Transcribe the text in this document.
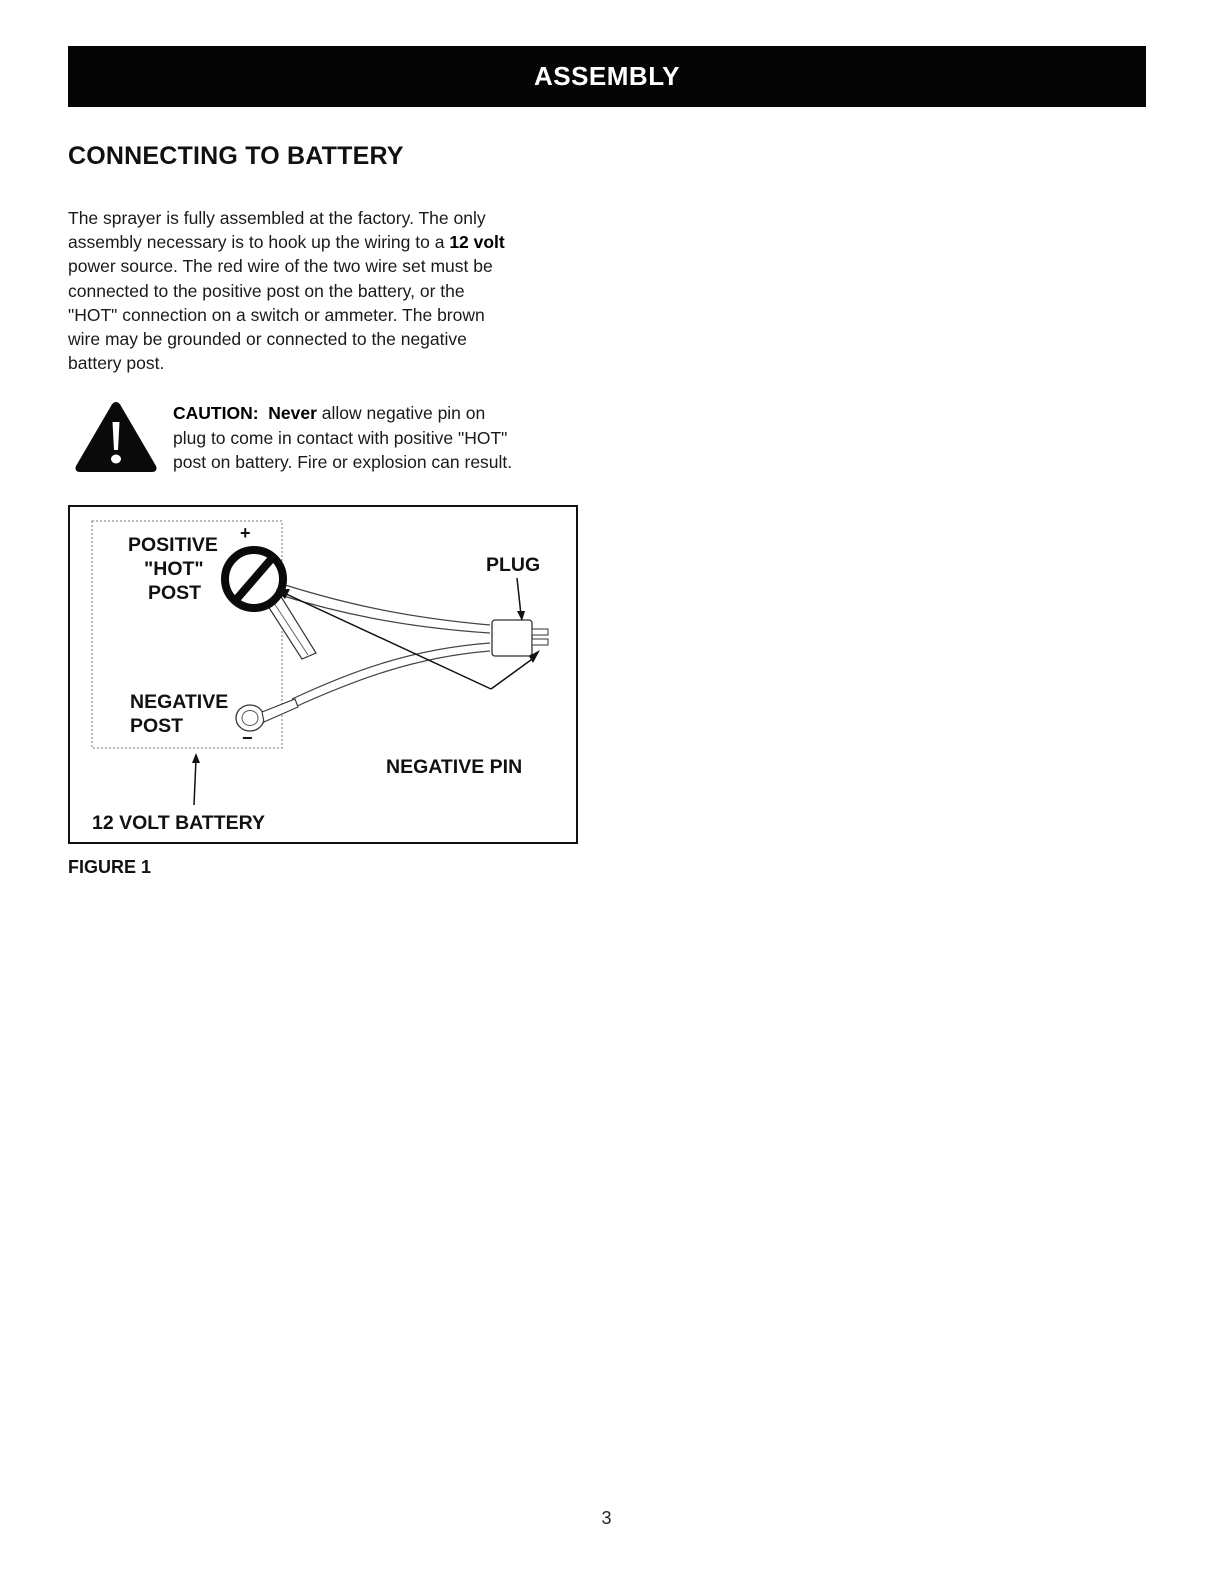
ASSEMBLY
CONNECTING TO BATTERY
The sprayer is fully assembled at the factory. The only
assembly necessary is to hook up the wiring to a 12 volt
power source. The red wire of the two wire set must be
connected to the positive post on the battery, or the
"HOT" connection on a switch or ammeter. The brown
wire may be grounded or connected to the negative
battery post.
CAUTION: Never allow negative pin on
plug to come in contact with positive "HOT"
post on battery. Fire or explosion can result.
POSITIVE
"HOT"
POST
+
PLUG
NEGATIVE
POST
−
NEGATIVE PIN
12 VOLT BATTERY

FIGURE 1

3
